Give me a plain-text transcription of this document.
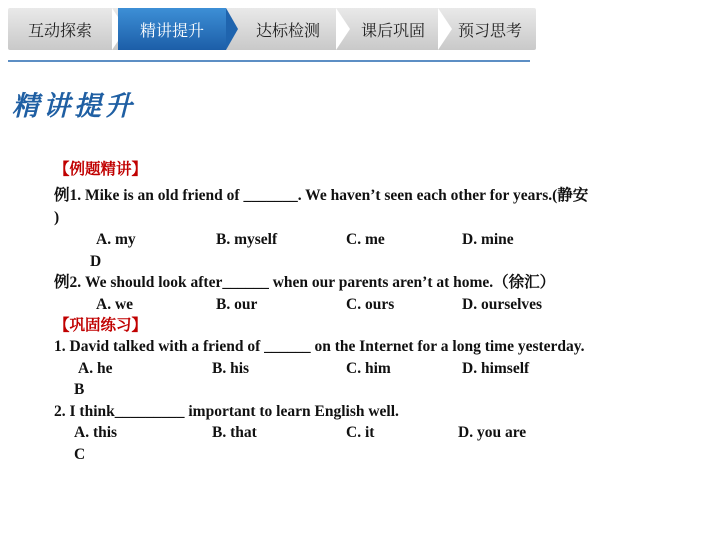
互动探索	精讲提升	达标检测	课后巩固	预习思考
精讲提升
【例题精讲】
例1. Mike is an old friend of _______. We haven’t seen each other for years.(静安
)
A. my	B. myself	C. me	D. mine
D
例2. We should look after______ when our parents aren’t at home.（徐汇）
A. we	B. our	C. ours	D. ourselves
【巩固练习】
1. David talked with a friend of ______ on the Internet for a long time yesterday.
A. he	B. his	C. him	D. himself
B
2. I think_________ important to learn English well.
A. this	B. that	C. it	D. you are
C
